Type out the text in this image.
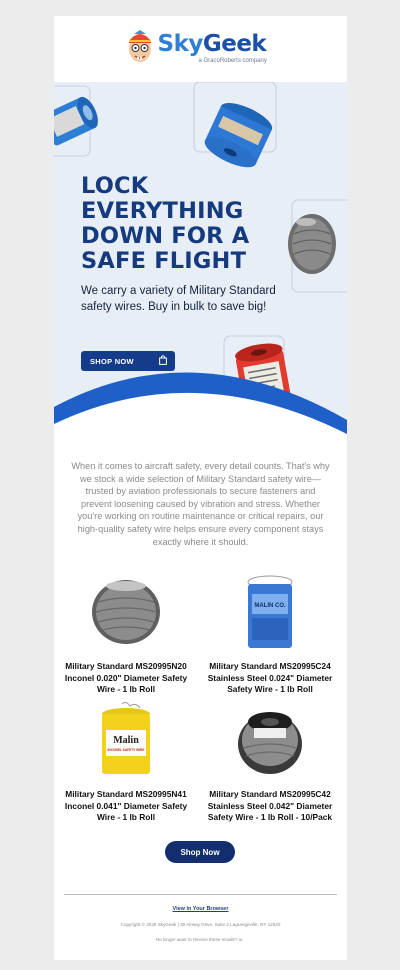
SkyGeek
a GracoRoberts company
LOCK
EVERYTHING
DOWN FOR A
SAFE FLIGHT
We carry a variety of Military Standard safety wires. Buy in bulk to save big!
SHOP NOW
When it comes to aircraft safety, every detail counts. That's why we stock a wide selection of Military Standard safety wire—trusted by aviation professionals to secure fasteners and prevent loosening caused by vibration and stress. Whether you're working on routine maintenance or critical repairs, our high-quality safety wire helps ensure every component stays exactly where it should.
Military Standard MS20995N20 Inconel 0.020" Diameter Safety Wire - 1 lb Roll
MALIN CO.
Military Standard MS20995C24 Stainless Steel 0.024" Diameter Safety Wire - 1 lb Roll
Malin
INCONEL SAFETY WIRE
Military Standard MS20995N41 Inconel 0.041" Diameter Safety Wire - 1 lb Roll
Military Standard MS20995C42 Stainless Steel 0.042" Diameter Safety Wire - 1 lb Roll - 10/Pack
Shop Now
View in Your Browser
Copyright © 2025 SkyGeek | 30 Airway Drive, Suite 2 Lagrangeville, NY 12540
No longer want to receive these emails? or .
